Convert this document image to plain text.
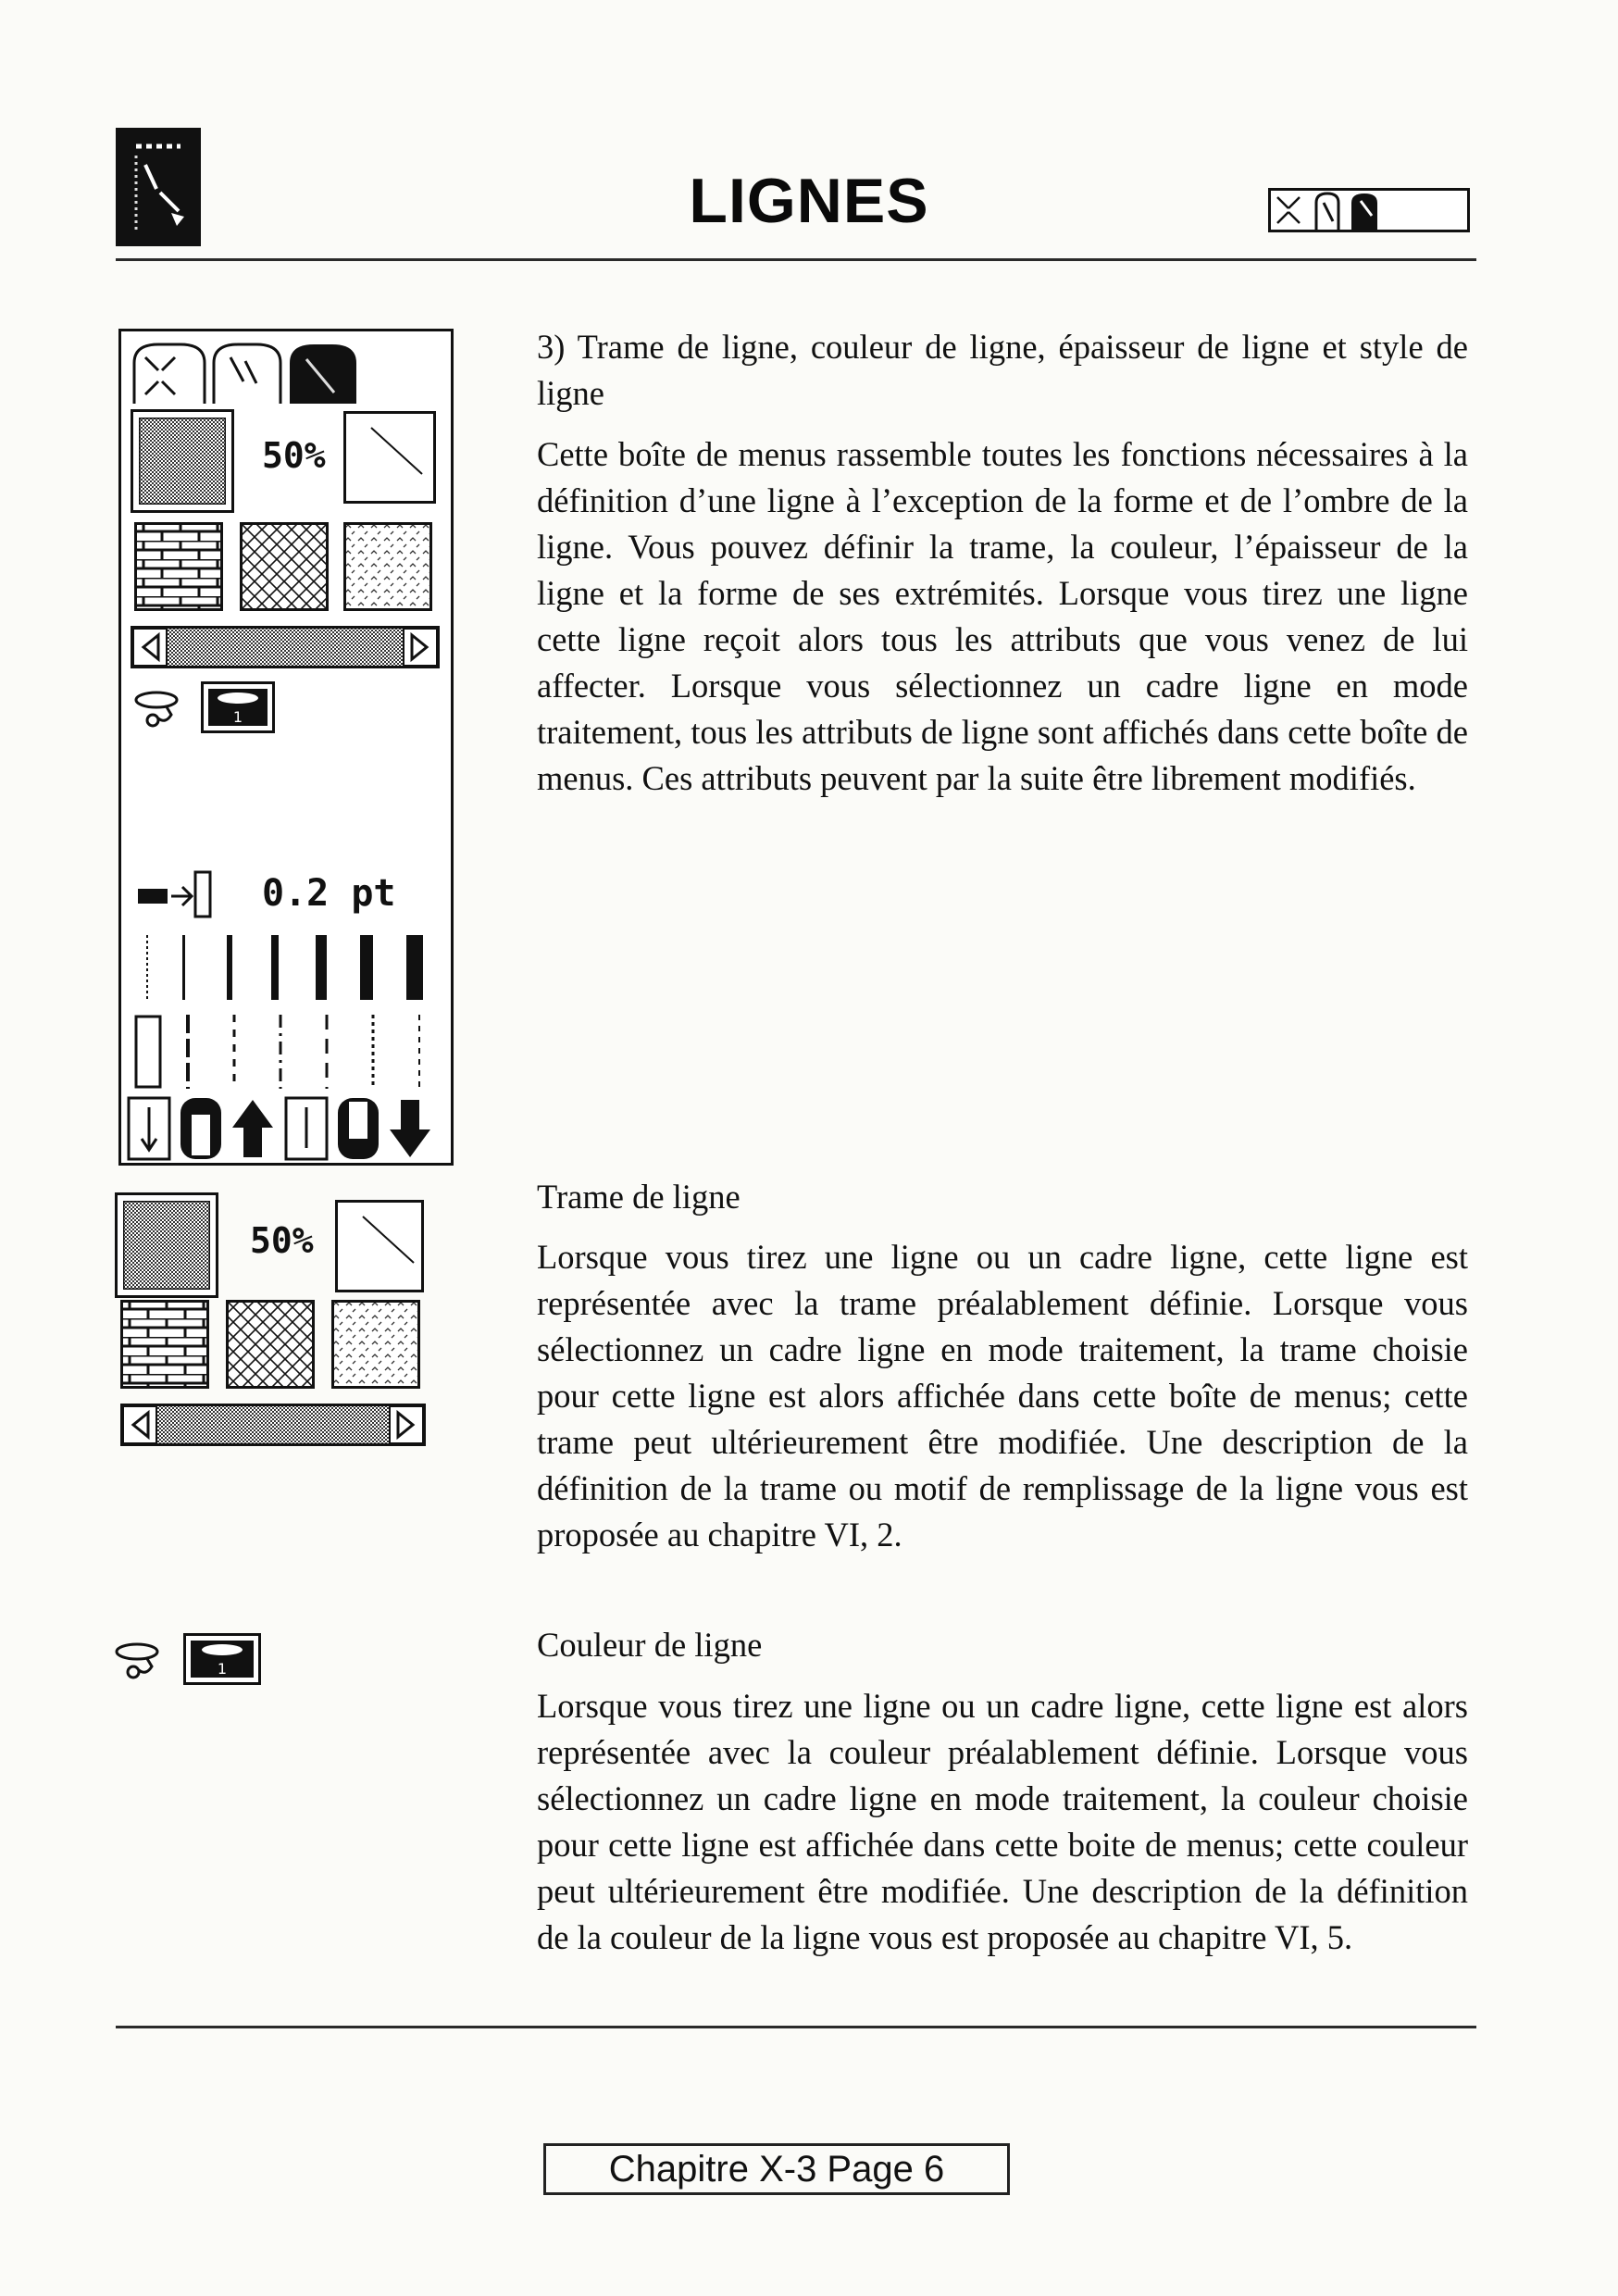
LIGNES
50%
1
0.2 pt
50%
1
3) Trame de ligne, couleur de ligne, épaisseur de ligne et style de ligne
Cette boîte de menus rassemble toutes les fonctions nécessaires à la définition d’une ligne à l’exception de la forme et de l’ombre de la ligne. Vous pouvez définir la trame, la couleur, l’épaisseur de la ligne et la forme de ses extrémités. Lorsque vous tirez une ligne cette ligne reçoit alors tous les attributs que vous venez de lui affecter. Lorsque vous sélectionnez un cadre ligne en mode traitement, tous les attributs de ligne sont affichés dans cette boîte de menus. Ces attributs peuvent par la suite être librement modifiés.
Trame de ligne
Lorsque vous tirez une ligne ou un cadre ligne, cette ligne est représentée avec la trame préalablement définie. Lorsque vous sélectionnez un cadre ligne en mode traitement, la trame choisie pour cette ligne est alors affichée dans cette boîte de menus; cette trame peut ultérieurement être modifiée. Une description de la définition de la trame ou motif de remplissage de la ligne vous est proposée au chapitre VI, 2.
Couleur de ligne
Lorsque vous tirez une ligne ou un cadre ligne, cette ligne est alors représentée avec la couleur préalablement définie. Lorsque vous sélectionnez un cadre ligne en mode traitement, la couleur choisie pour cette ligne est affichée dans cette boite de menus; cette couleur peut ultérieurement être modifiée. Une description de la définition de la couleur de la ligne vous est proposée au chapitre VI, 5.
Chapitre X-3 Page 6
